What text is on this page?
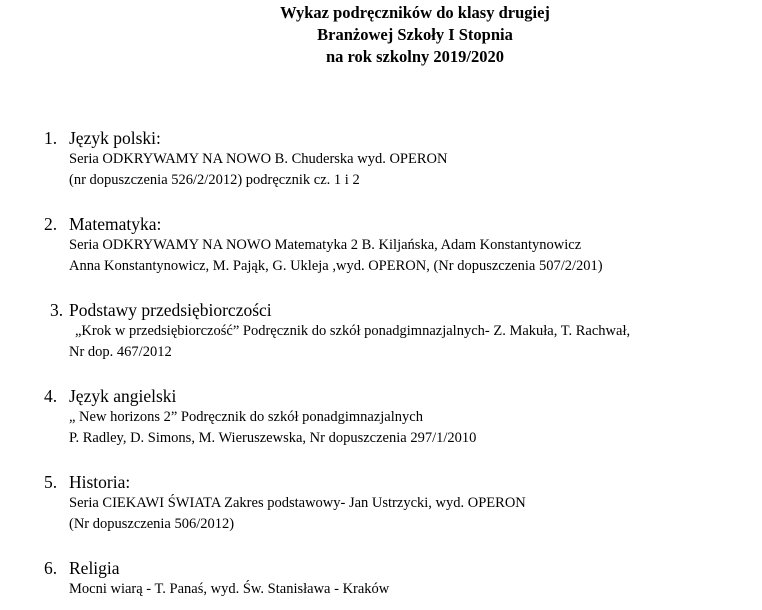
Wykaz podręczników do klasy drugiej
Branżowej Szkoły I Stopnia
na rok szkolny 2019/2020
1. Język polski:
Seria ODKRYWAMY NA NOWO B. Chuderska wyd. OPERON
(nr dopuszczenia 526/2/2012) podręcznik cz. 1 i 2
2. Matematyka:
Seria ODKRYWAMY NA NOWO Matematyka 2 B. Kiljańska, Adam Konstantynowicz
Anna Konstantynowicz, M. Pająk, G. Ukleja ,wyd. OPERON, (Nr dopuszczenia 507/2/201)
3. Podstawy przedsiębiorczości
„Krok w przedsiębiorczość” Podręcznik do szkół ponadgimnazjalnych- Z. Makuła, T. Rachwał,
Nr dop. 467/2012
4. Język angielski
„ New horizons 2” Podręcznik do szkół ponadgimnazjalnych
P. Radley, D. Simons, M. Wieruszewska, Nr dopuszczenia 297/1/2010
5. Historia:
Seria CIEKAWI ŚWIATA Zakres podstawowy- Jan Ustrzycki, wyd. OPERON
(Nr dopuszczenia 506/2012)
6. Religia
Mocni wiarą - T. Panaś, wyd. Św. Stanisława - Kraków
